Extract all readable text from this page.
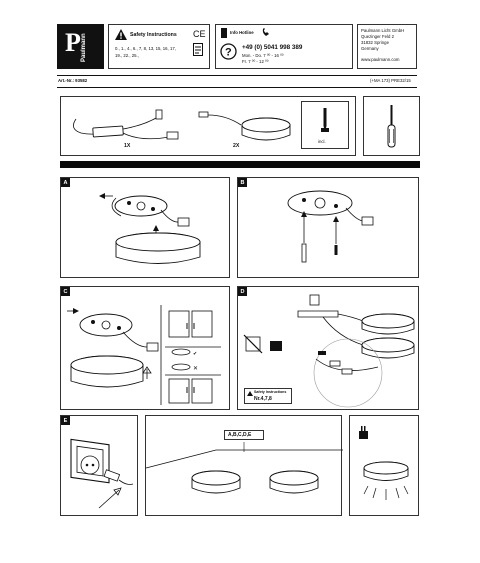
P Paulmann	Safety Instructions CE
0., 1., 4., 6., 7, 8, 13, 15, 16, 17,
19., 22., 25.,
Info Hotline
? +49 (0) 5041 998 389
Mon. - Do. 7 ⁰⁰ - 16 ⁰⁰
Fr. 7 ⁰⁰ - 12 ⁰⁰
Paulmann Licht GmbH
Quezinger Feld 2
31832 Springe
Germany
www.paulmann.com
Art.-Nr.: 93582	(+MA 173) PRE32/15
1X	2X
incl.
A	B
C
✔
✕
D
Safety Instructions
Nr.4,7,8
E
A,B,C,D,E
